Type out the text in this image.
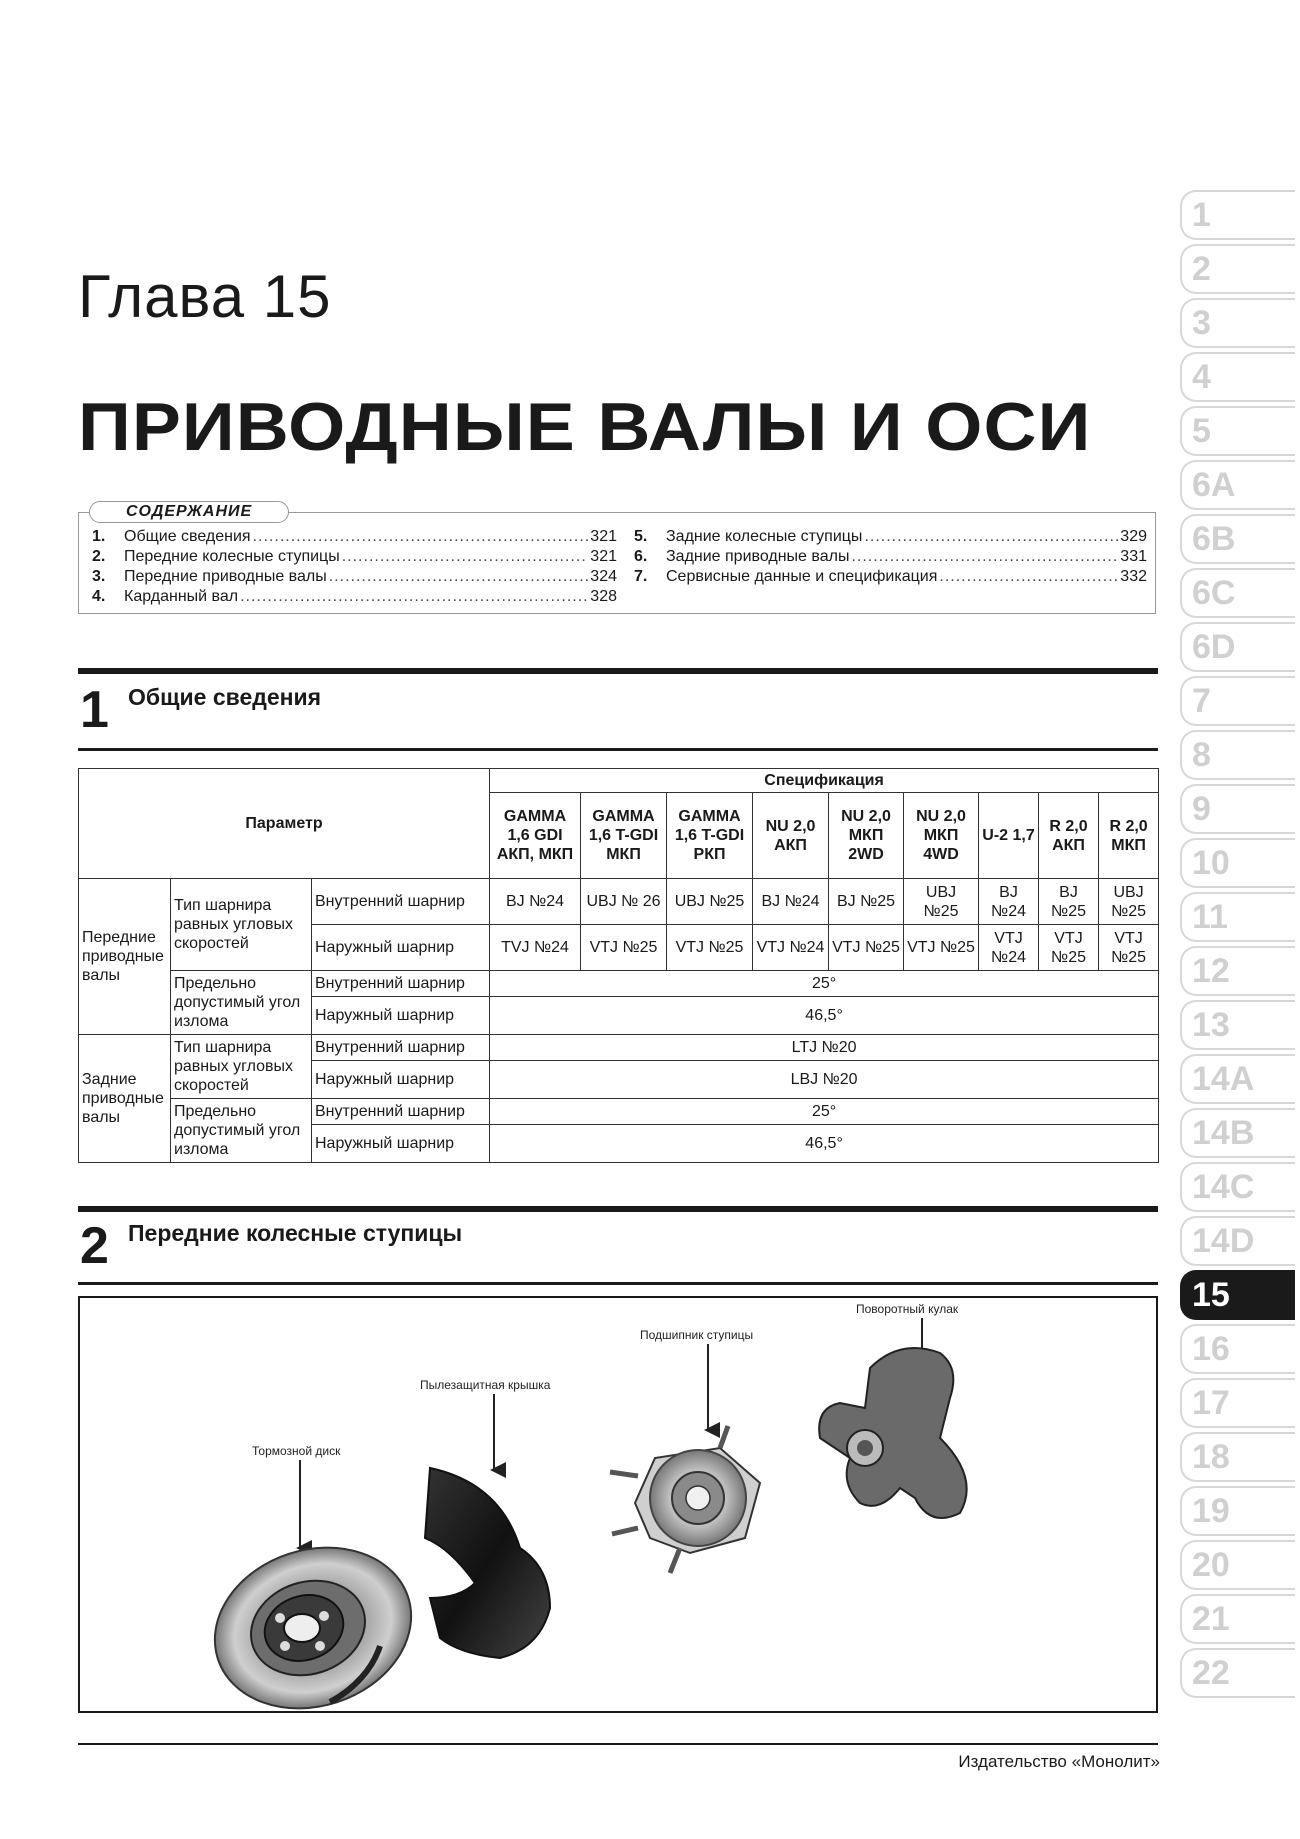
Глава 15
ПРИВОДНЫЕ ВАЛЫ И ОСИ
СОДЕРЖАНИЕ
1.	Общие сведения .....	321
2.	Передние колесные ступицы .....	321
3.	Передние приводные валы .....	324
4.	Карданный вал .....	328
5.	Задние колесные ступицы .....	329
6.	Задние приводные валы .....	331
7.	Сервисные данные и спецификация .....	332
1 Общие сведения
Параметр			Спецификация								
			GAMMA 1,6 GDI АКП, МКП	GAMMA 1,6 T-GDI МКП	GAMMA 1,6 T-GDI РКП	NU 2,0 АКП	NU 2,0 МКП 2WD	NU 2,0 МКП 4WD	U-2 1,7	R 2,0 АКП	R 2,0 МКП
Передние приводные валы	Тип шарнира равных угловых скоростей	Внутренний шарнир	BJ №24	UBJ № 26	UBJ №25	BJ №24	BJ №25	UBJ №25	BJ №24	BJ №25	UBJ №25
		Наружный шарнир	TVJ №24	VTJ №25	VTJ №25	VTJ №24	VTJ №25	VTJ №25	VTJ №24	VTJ №25	VTJ №25
	Предельно допустимый угол излома	Внутренний шарнир	25°								
		Наружный шарнир	46,5°								
Задние приводные валы	Тип шарнира равных угловых скоростей	Внутренний шарнир	LTJ №20								
		Наружный шарнир	LBJ №20								
	Предельно допустимый угол излома	Внутренний шарнир	25°								
		Наружный шарнир	46,5°								
2 Передние колесные ступицы
Тормозной диск
Пылезащитная крышка
Подшипник ступицы
Поворотный кулак
1
2
3
4
5
6A
6B
6C
6D
7
8
9
10
11
12
13
14A
14B
14C
14D
15
16
17
18
19
20
21
22
Издательство «Монолит»
